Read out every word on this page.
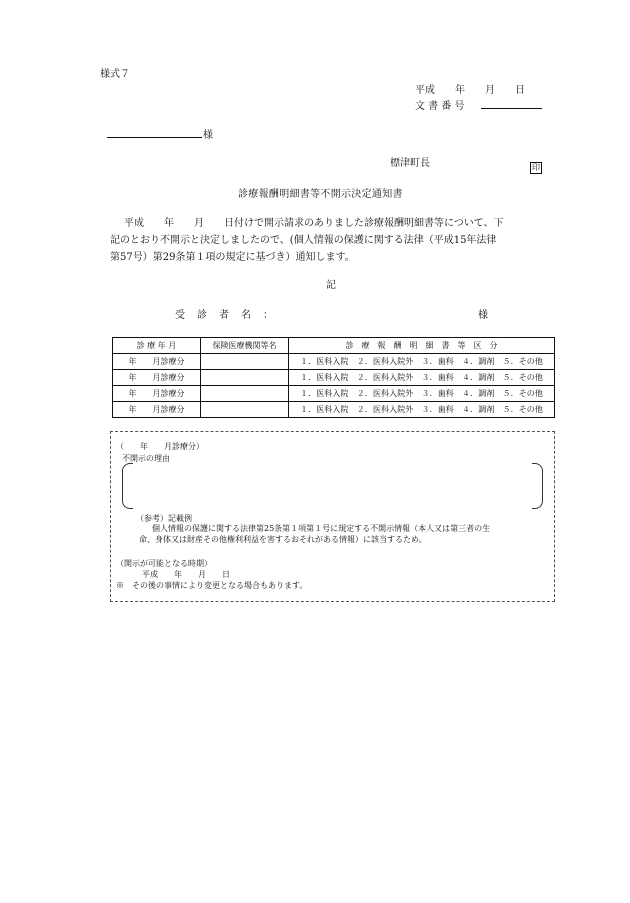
様式７
平成　　年　　月　　日
文 書 番 号
様
標津町長	印
診療報酬明細書等不開示決定通知書
平成　　年　　月　　日付けで開示請求のありました診療報酬明細書等について、下
記のとおり不開示と決定しましたので、(個人情報の保護に関する法律（平成15年法律
第57号）第29条第１項の規定に基づき）通知します。
記
受　診　者　名　：	様
診 療 年 月	保険医療機関等名	診　療　報　酬　明　細　書　等　区　分
年　　月診療分		１．医科入院　２．医科入院外　３．歯科　４．調剤　５．その他
年　　月診療分		１．医科入院　２．医科入院外　３．歯科　４．調剤　５．その他
年　　月診療分		１．医科入院　２．医科入院外　３．歯科　４．調剤　５．その他
年　　月診療分		１．医科入院　２．医科入院外　３．歯科　４．調剤　５．その他
（　　年　　月診療分）
不開示の理由
（参考）記載例
個人情報の保護に関する法律第25条第１項第１号に規定する不開示情報（本人又は第三者の生
命、身体又は財産その他権利利益を害するおそれがある情報）に該当するため。
（開示が可能となる時期）
平成　　年　　月　　日
※　その後の事情により変更となる場合もあります。
